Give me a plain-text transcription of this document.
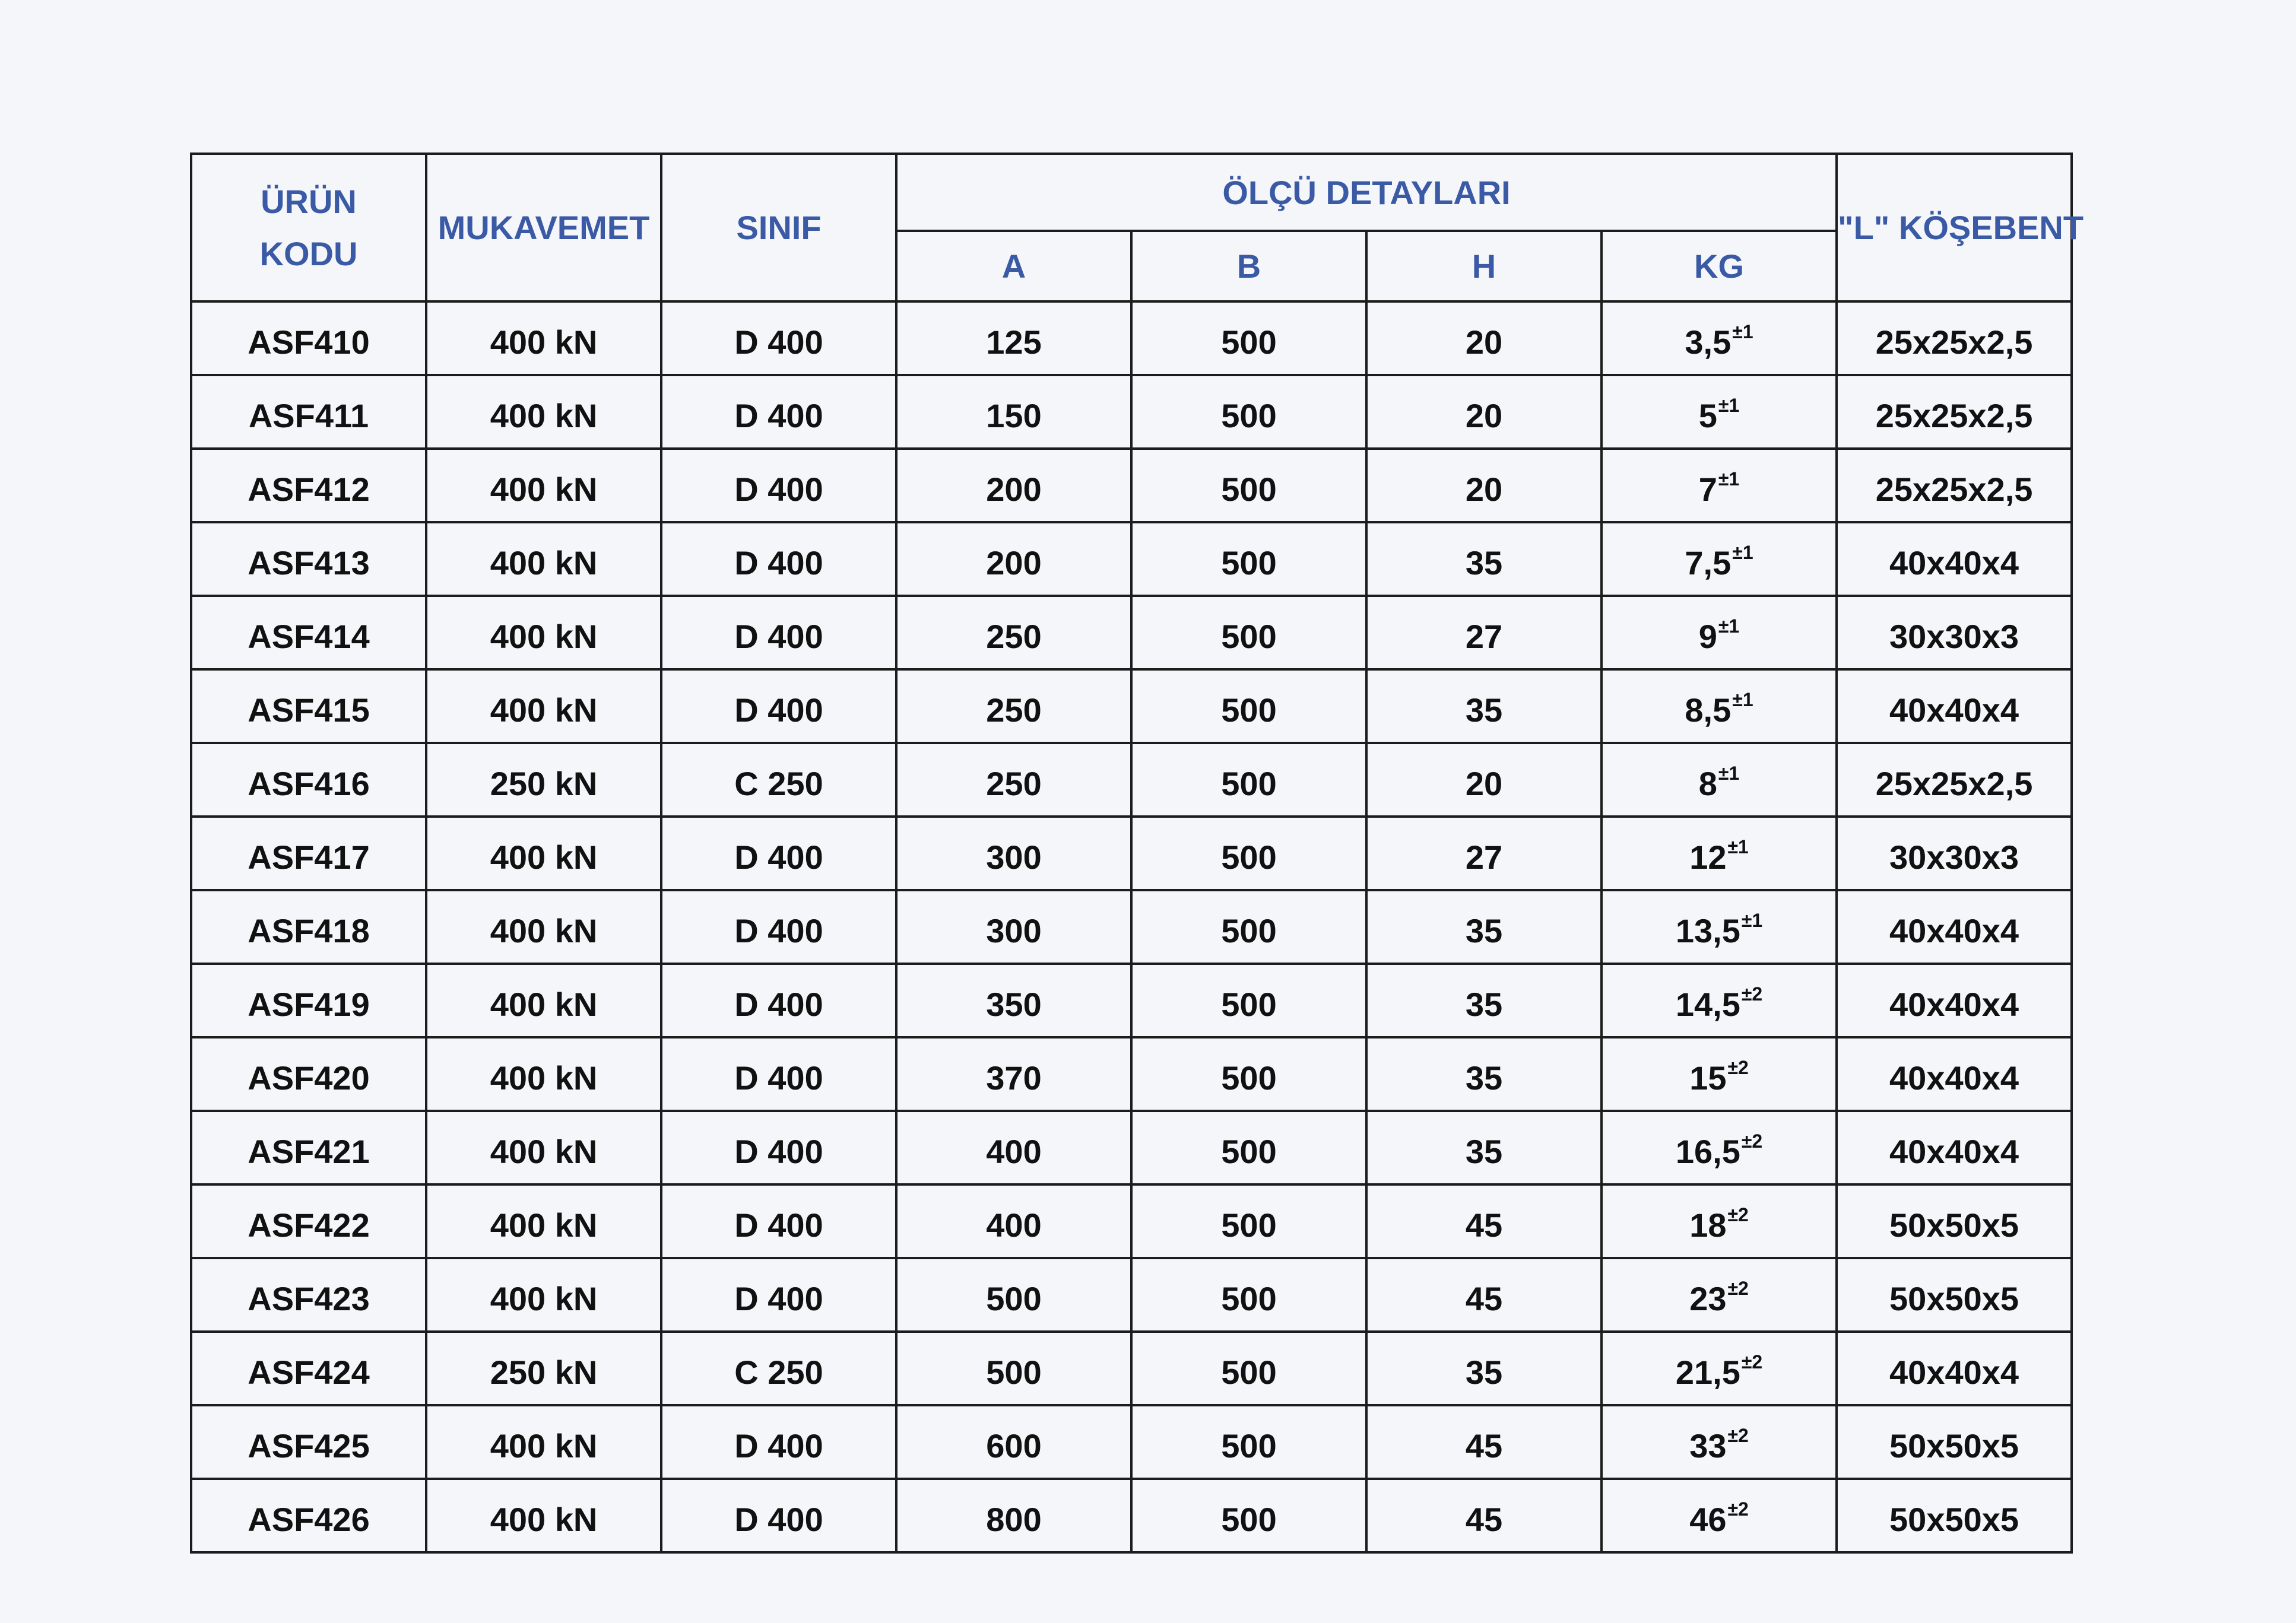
ÜRÜN
KODU	MUKAVEMET	SINIF	ÖLÇÜ DETAYLARI				"L" KÖŞEBENT
			A	B	H	KG	
ASF410	400 kN	D 400	125	500	20	$3,5^{\pm 1}$	25x25x2,5
ASF411	400 kN	D 400	150	500	20	$5^{\pm 1}$	25x25x2,5
ASF412	400 kN	D 400	200	500	20	$7^{\pm 1}$	25x25x2,5
ASF413	400 kN	D 400	200	500	35	$7,5^{\pm 1}$	40x40x4
ASF414	400 kN	D 400	250	500	27	$9^{\pm 1}$	30x30x3
ASF415	400 kN	D 400	250	500	35	$8,5^{\pm 1}$	40x40x4
ASF416	250 kN	C 250	250	500	20	$8^{\pm 1}$	25x25x2,5
ASF417	400 kN	D 400	300	500	27	$12^{\pm 1}$	30x30x3
ASF418	400 kN	D 400	300	500	35	$13,5^{\pm 1}$	40x40x4
ASF419	400 kN	D 400	350	500	35	$14,5^{\pm 2}$	40x40x4
ASF420	400 kN	D 400	370	500	35	$15^{\pm 2}$	40x40x4
ASF421	400 kN	D 400	400	500	35	$16,5^{\pm 2}$	40x40x4
ASF422	400 kN	D 400	400	500	45	$18^{\pm 2}$	50x50x5
ASF423	400 kN	D 400	500	500	45	$23^{\pm 2}$	50x50x5
ASF424	250 kN	C 250	500	500	35	$21,5^{\pm 2}$	40x40x4
ASF425	400 kN	D 400	600	500	45	$33^{\pm 2}$	50x50x5
ASF426	400 kN	D 400	800	500	45	$46^{\pm 2}$	50x50x5
